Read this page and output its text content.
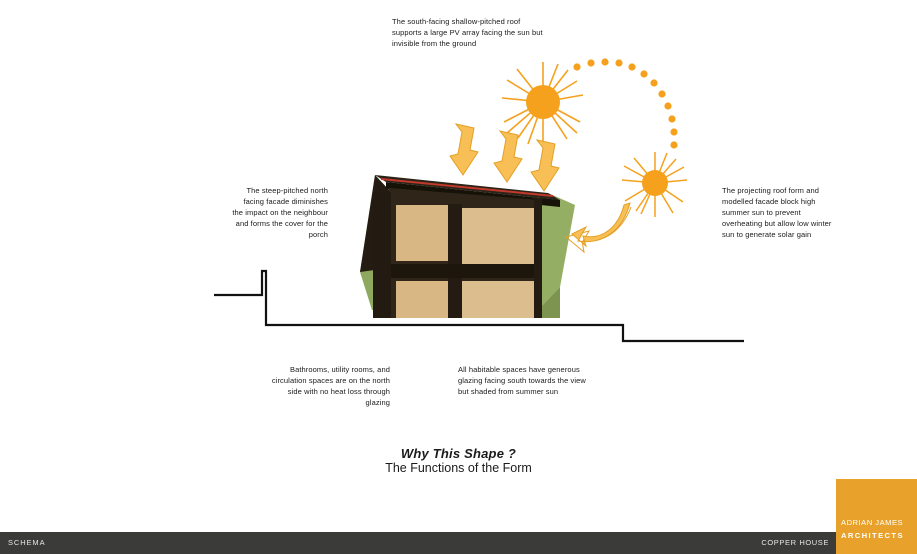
The south-facing shallow-pitched roof supports a large PV array facing the sun but invisible from the ground
The steep-pitched north facing facade diminishes the impact on the neighbour and forms the cover for the porch
The projecting roof form and modelled facade block high summer sun to prevent overheating but allow low winter sun to generate solar gain
Bathrooms, utility rooms, and circulation spaces are on the north side with no heat loss through glazing
All habitable spaces have generous glazing facing south towards the view but shaded from summer sun
Why This Shape ?
The Functions of the Form
SCHEMA	COPPER HOUSE
ADRIAN JAMES
ARCHITECTS
